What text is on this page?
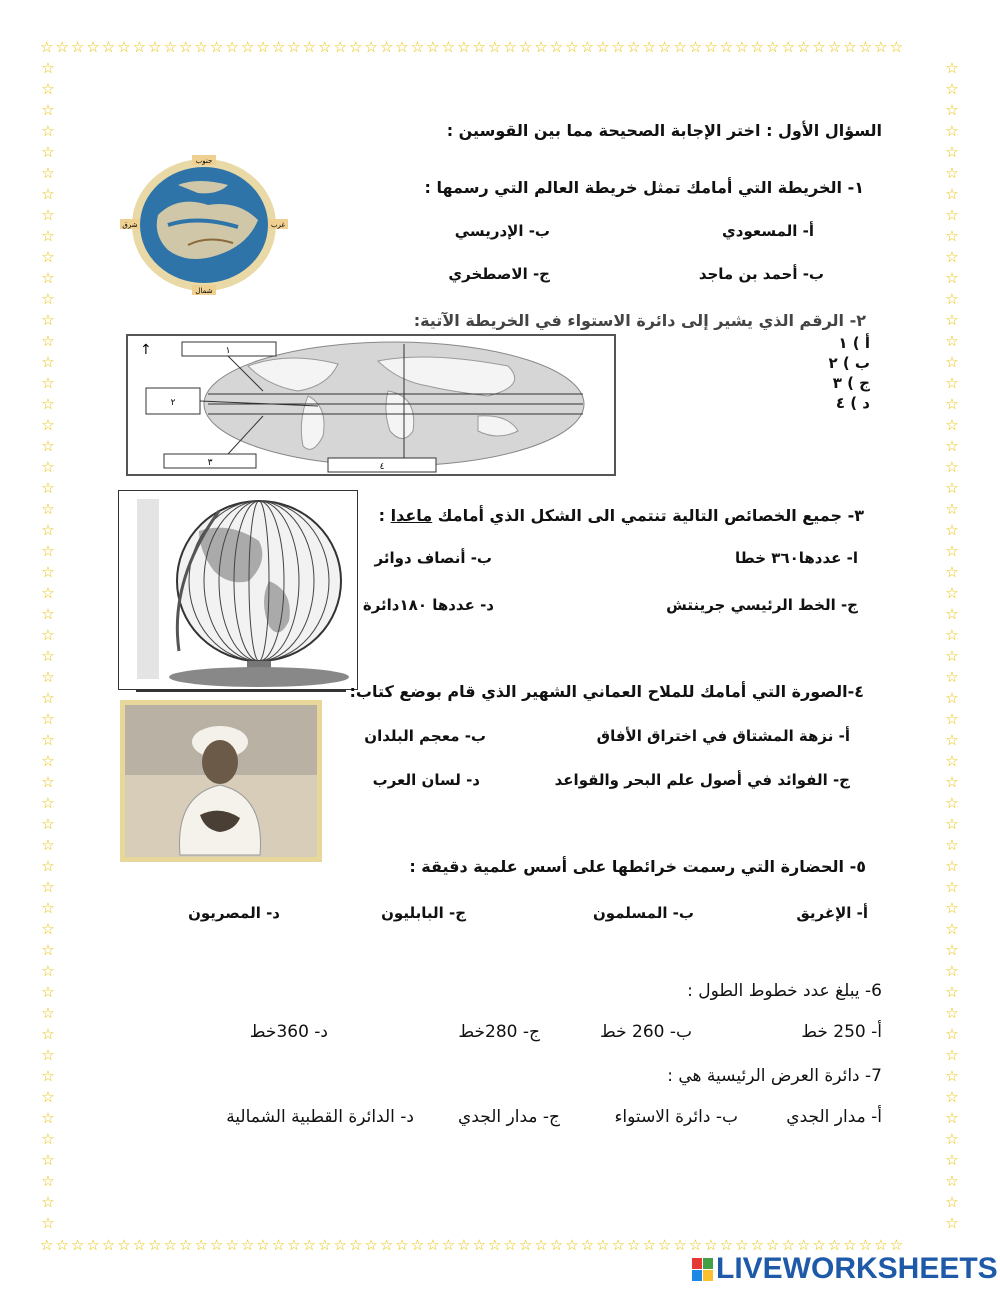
☆☆☆☆☆☆☆☆☆☆☆☆☆☆☆☆☆☆☆☆☆☆☆☆☆☆☆☆☆☆☆☆☆☆☆☆☆☆☆☆☆☆☆☆☆☆☆☆☆☆☆☆☆☆☆☆
☆☆☆☆☆☆☆☆☆☆☆☆☆☆☆☆☆☆☆☆☆☆☆☆☆☆☆☆☆☆☆☆☆☆☆☆☆☆☆☆☆☆☆☆☆☆☆☆☆☆☆☆☆☆☆☆
☆☆☆☆☆☆☆☆☆☆☆☆☆☆☆☆☆☆☆☆☆☆☆☆☆☆☆☆☆☆☆☆☆☆☆☆☆☆☆☆☆☆☆☆☆☆☆☆☆☆☆☆☆☆☆☆
☆☆☆☆☆☆☆☆☆☆☆☆☆☆☆☆☆☆☆☆☆☆☆☆☆☆☆☆☆☆☆☆☆☆☆☆☆☆☆☆☆☆☆☆☆☆☆☆☆☆☆☆☆☆☆☆
السؤال الأول : اختر الإجابة الصحيحة مما بين القوسين :
١- الخريطة التي أمامك تمثل خريطة العالم التي رسمها :
أ- المسعودي
ب- الإدريسي
ب- أحمد بن ماجد
ج- الاصطخري
جنوب
شمال
شرق	غرب
٢- الرقم الذي يشير إلى دائرة الاستواء في الخريطة الآتية:
أ ) ١
ب ) ٢
ج ) ٣
د ) ٤
↑	١
٢
٣	٤
٣- جميع الخصائص التالية تنتمي الى الشكل الذي أمامك ماعدا :
ا- عددها٣٦٠ خطا
ب- أنصاف دوائر
ج- الخط الرئيسي جرينتش
د- عددها ١٨٠دائرة
٤-الصورة التي أمامك للملاح العماني الشهير الذي قام بوضع كتاب:
أ- نزهة المشتاق في اختراق الأفاق
ب- معجم البلدان
ج- الفوائد في أصول علم البحر والقواعد
د- لسان العرب
٥- الحضارة التي رسمت خرائطها على أسس علمية دقيقة :
أ- الإغريق
ب- المسلمون
ج- البابليون
د- المصريون
6- يبلغ عدد خطوط الطول :
أ- 250 خط
ب- 260 خط
ج- 280خط
د- 360خط
7- دائرة العرض الرئيسية هي :
أ- مدار الجدي
ب- دائرة الاستواء
ج- مدار الجدي
د- الدائرة القطبية الشمالية
LIVEWORKSHEETS
